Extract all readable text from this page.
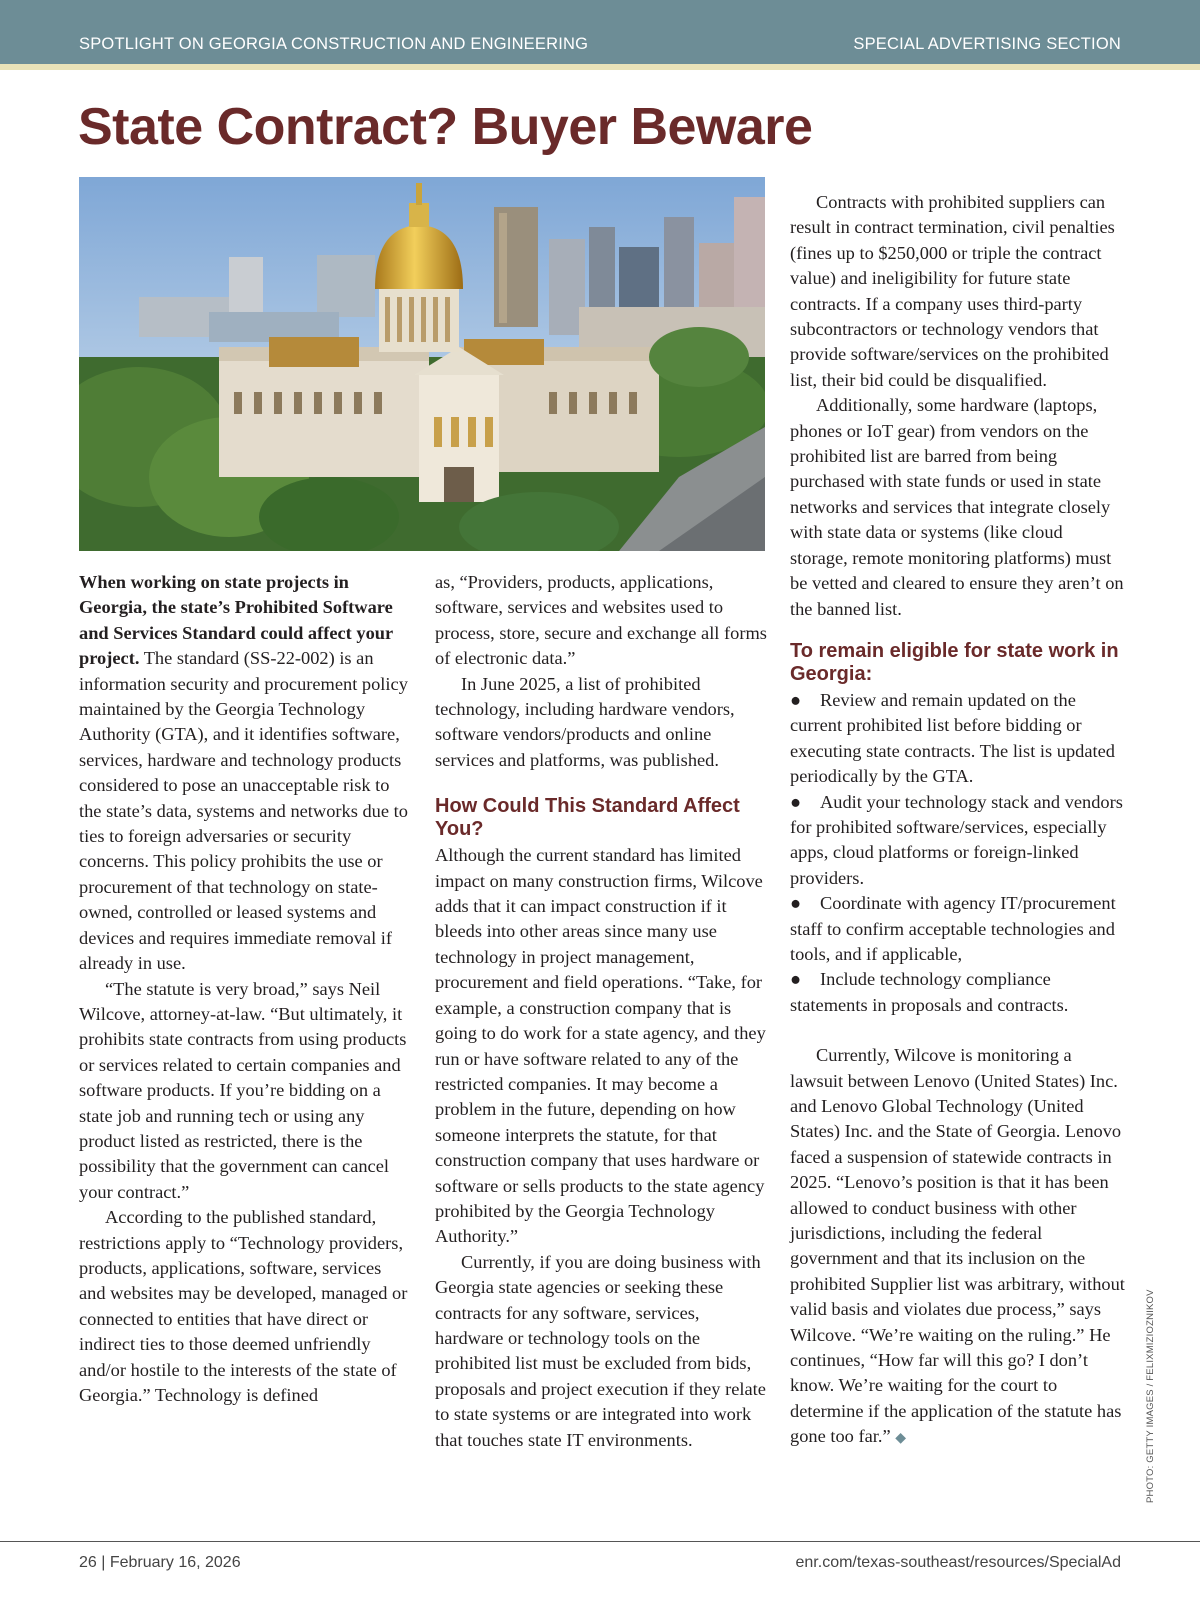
SPOTLIGHT ON GEORGIA CONSTRUCTION AND ENGINEERING	SPECIAL ADVERTISING SECTION
State Contract? Buyer Beware

When working on state projects in Georgia, the state’s Prohibited Software and Services Standard could affect your project. The standard (SS-22-002) is an information security and procurement policy maintained by the Georgia Technology Authority (GTA), and it identifies software, services, hardware and technology products considered to pose an unacceptable risk to the state’s data, systems and networks due to ties to foreign adversaries or security concerns. This policy prohibits the use or procurement of that technology on state-owned, controlled or leased systems and devices and requires immediate removal if already in use.

“The statute is very broad,” says Neil Wilcove, attorney-at-law. “But ultimately, it prohibits state contracts from using products or services related to certain companies and software products. If you’re bidding on a state job and running tech or using any product listed as restricted, there is the possibility that the government can cancel your contract.”

According to the published standard, restrictions apply to “Technology providers, products, applications, software, services and websites may be developed, managed or connected to entities that have direct or indirect ties to those deemed unfriendly and/or hostile to the interests of the state of Georgia.” Technology is defined

as, “Providers, products, applications, software, services and websites used to process, store, secure and exchange all forms of electronic data.”

In June 2025, a list of prohibited technology, including hardware vendors, software vendors/products and online services and platforms, was published.

How Could This Standard Affect You?

Although the current standard has limited impact on many construction firms, Wilcove adds that it can impact construction if it bleeds into other areas since many use technology in project management, procurement and field operations. “Take, for example, a construction company that is going to do work for a state agency, and they run or have software related to any of the restricted companies. It may become a problem in the future, depending on how someone interprets the statute, for that construction company that uses hardware or software or sells products to the state agency prohibited by the Georgia Technology Authority.”

Currently, if you are doing business with Georgia state agencies or seeking these contracts for any software, services, hardware or technology tools on the prohibited list must be excluded from bids, proposals and project execution if they relate to state systems or are integrated into work that touches state IT environments.

Contracts with prohibited suppliers can result in contract termination, civil penalties (fines up to $250,000 or triple the contract value) and ineligibility for future state contracts. If a company uses third-party subcontractors or technology vendors that provide software/services on the prohibited list, their bid could be disqualified.

Additionally, some hardware (laptops, phones or IoT gear) from vendors on the prohibited list are barred from being purchased with state funds or used in state networks and services that integrate closely with state data or systems (like cloud storage, remote monitoring platforms) must be vetted and cleared to ensure they aren’t on the banned list.

To remain eligible for state work in Georgia:

● Review and remain updated on the current prohibited list before bidding or executing state contracts. The list is updated periodically by the GTA.

● Audit your technology stack and vendors for prohibited software/services, especially apps, cloud platforms or foreign-linked providers.

● Coordinate with agency IT/procurement staff to confirm acceptable technologies and tools, and if applicable,

● Include technology compliance statements in proposals and contracts.

Currently, Wilcove is monitoring a lawsuit between Lenovo (United States) Inc. and Lenovo Global Technology (United States) Inc. and the State of Georgia. Lenovo faced a suspension of statewide contracts in 2025. “Lenovo’s position is that it has been allowed to conduct business with other jurisdictions, including the federal government and that its inclusion on the prohibited Supplier list was arbitrary, without valid basis and violates due process,” says Wilcove. “We’re waiting on the ruling.” He continues, “How far will this go? I don’t know. We’re waiting for the court to determine if the application of the statute has gone too far.” ◆	PHOTO: GETTY IMAGES / FELIXMIZIOZNIKOV
26 | February 16, 2026	enr.com/texas-southeast/resources/SpecialAd
